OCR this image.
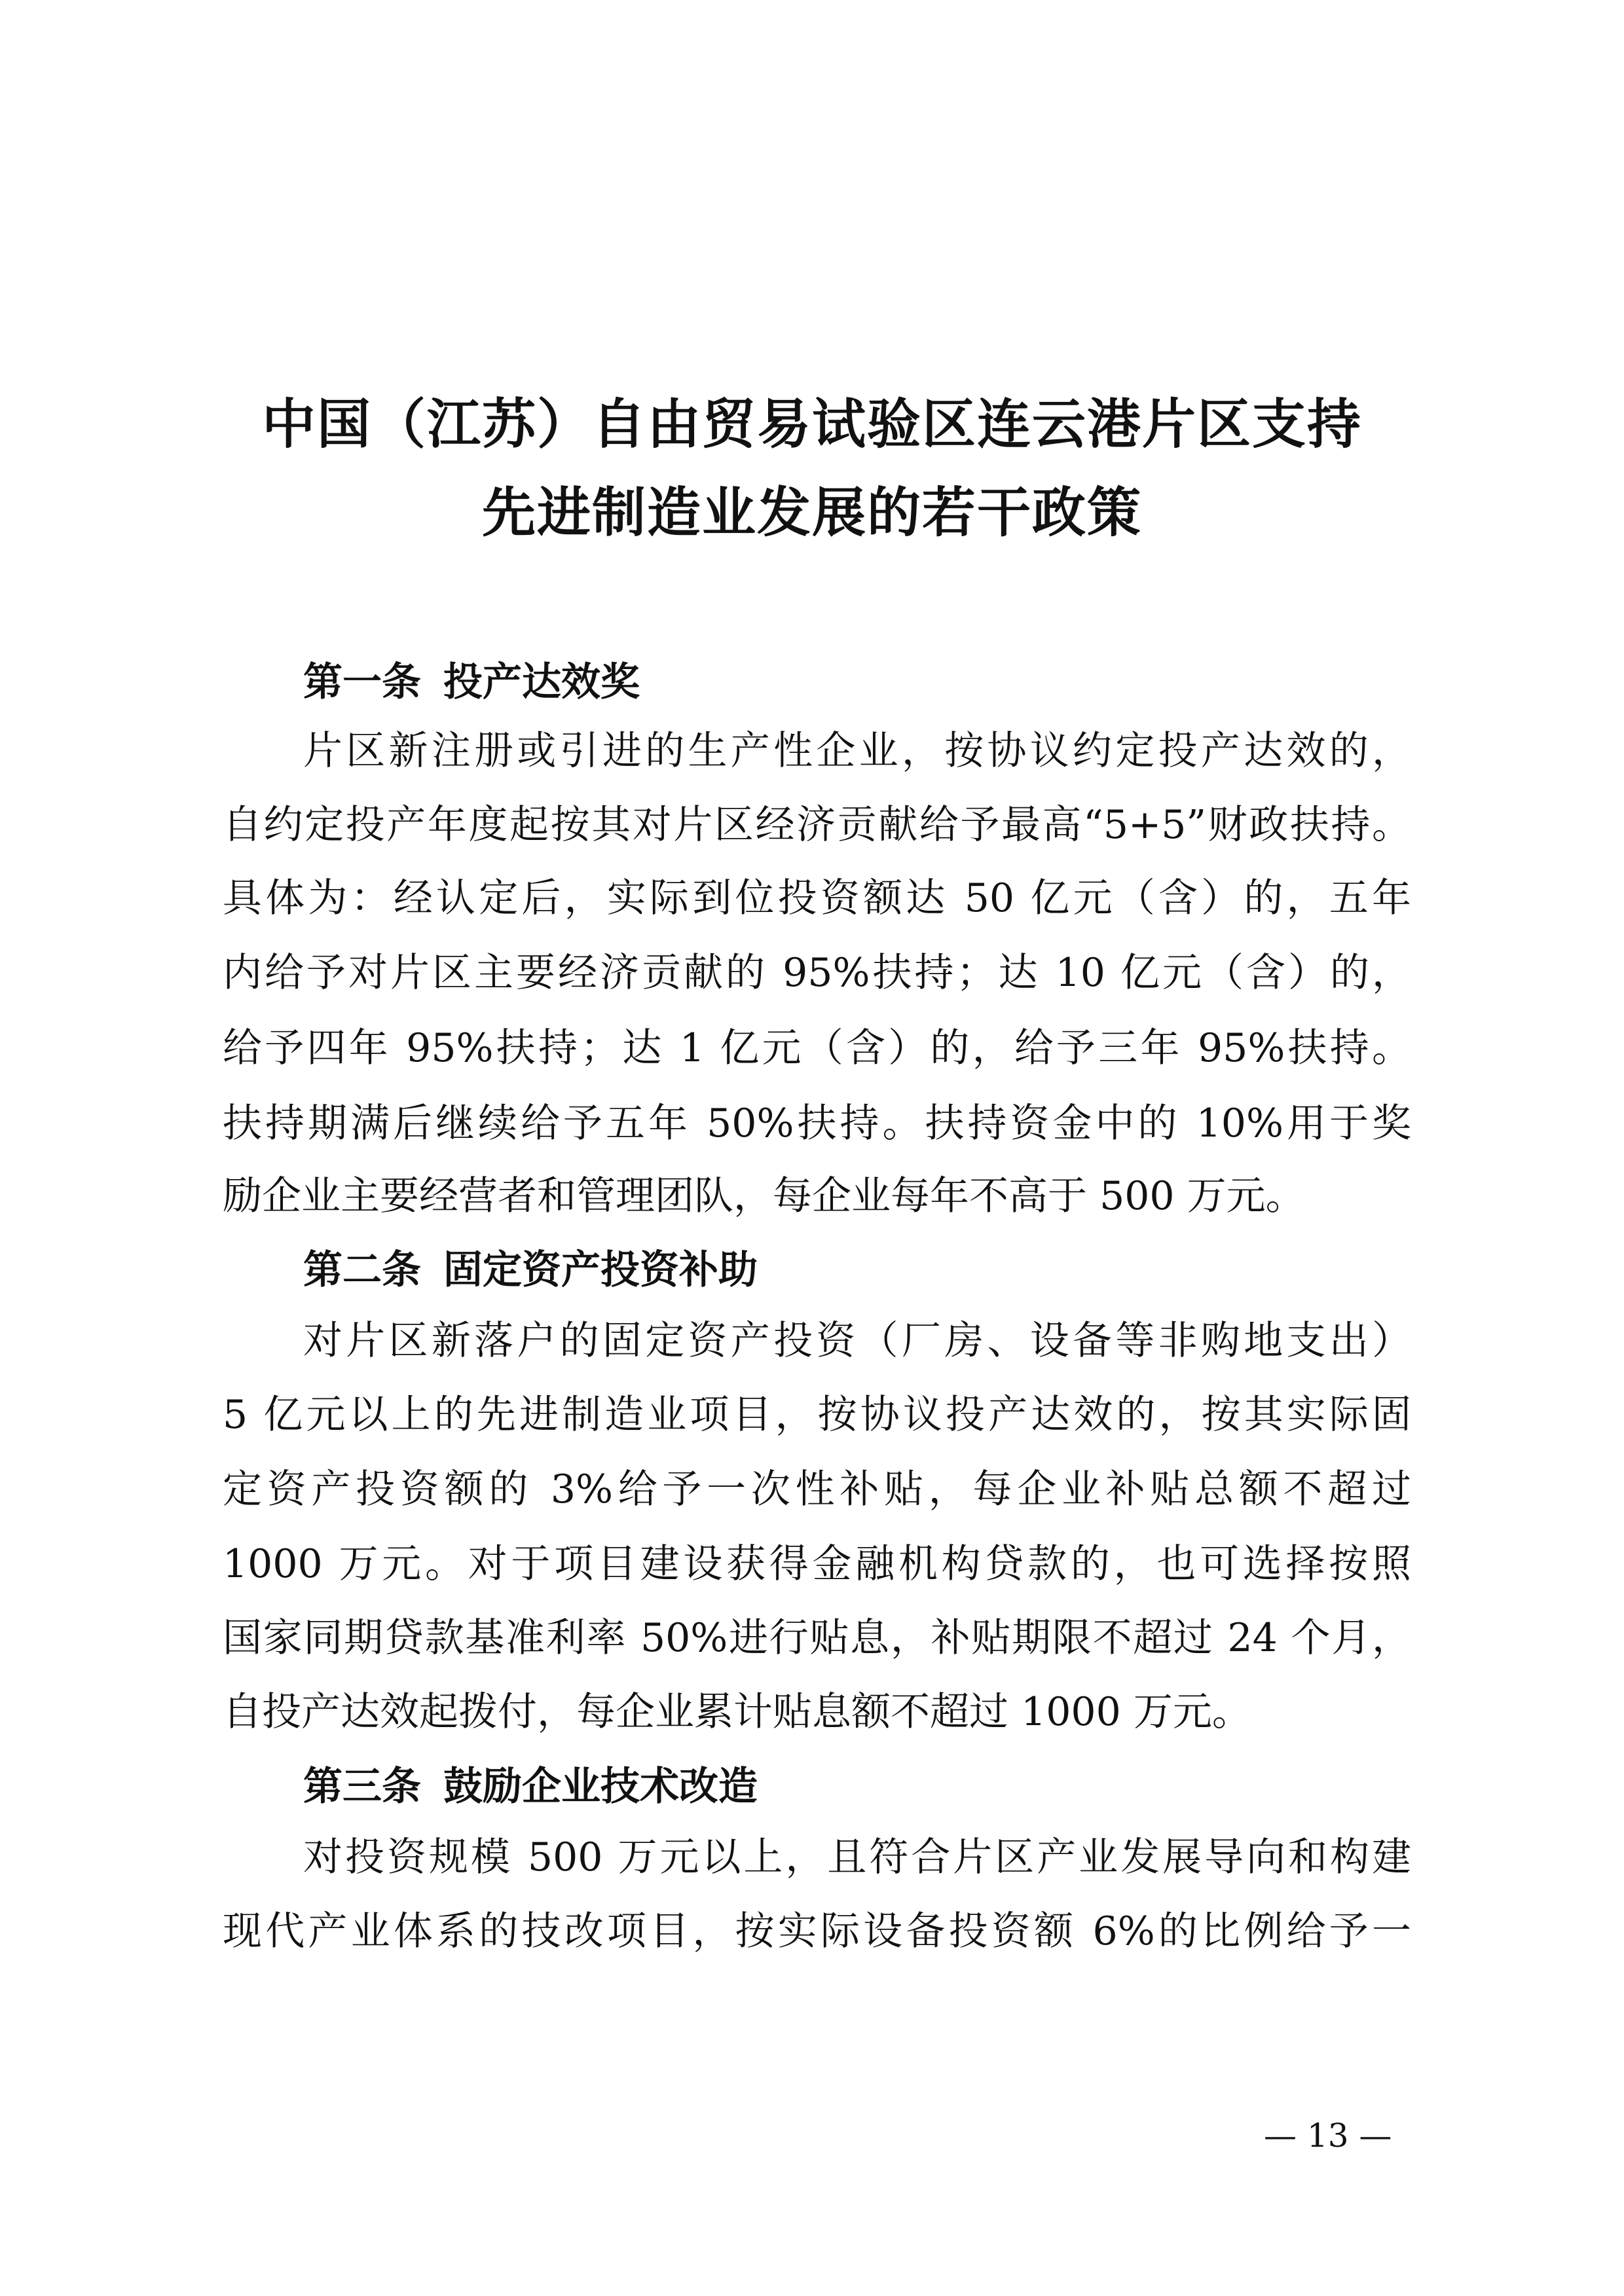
中国（江苏）自由贸易试验区连云港片区支持
先进制造业发展的若干政策
第一条 投产达效奖
片区新注册或引进的生产性企业，按协议约定投产达效的，
自约定投产年度起按其对片区经济贡献给予最高“5+5”财政扶持。
具体为：经认定后，实际到位投资额达 50 亿元（含）的，五年
内给予对片区主要经济贡献的 95%扶持；达 10 亿元（含）的，
给予四年 95%扶持；达 1 亿元（含）的，给予三年 95%扶持。
扶持期满后继续给予五年 50%扶持。扶持资金中的 10%用于奖
励企业主要经营者和管理团队，每企业每年不高于 500 万元。
第二条 固定资产投资补助
对片区新落户的固定资产投资（厂房、设备等非购地支出）
5 亿元以上的先进制造业项目，按协议投产达效的，按其实际固
定资产投资额的 3%给予一次性补贴，每企业补贴总额不超过
1000 万元。对于项目建设获得金融机构贷款的，也可选择按照
国家同期贷款基准利率 50%进行贴息，补贴期限不超过 24 个月，
自投产达效起拨付，每企业累计贴息额不超过 1000 万元。
第三条 鼓励企业技术改造
对投资规模 500 万元以上，且符合片区产业发展导向和构建
现代产业体系的技改项目，按实际设备投资额 6%的比例给予一
— 13 —
